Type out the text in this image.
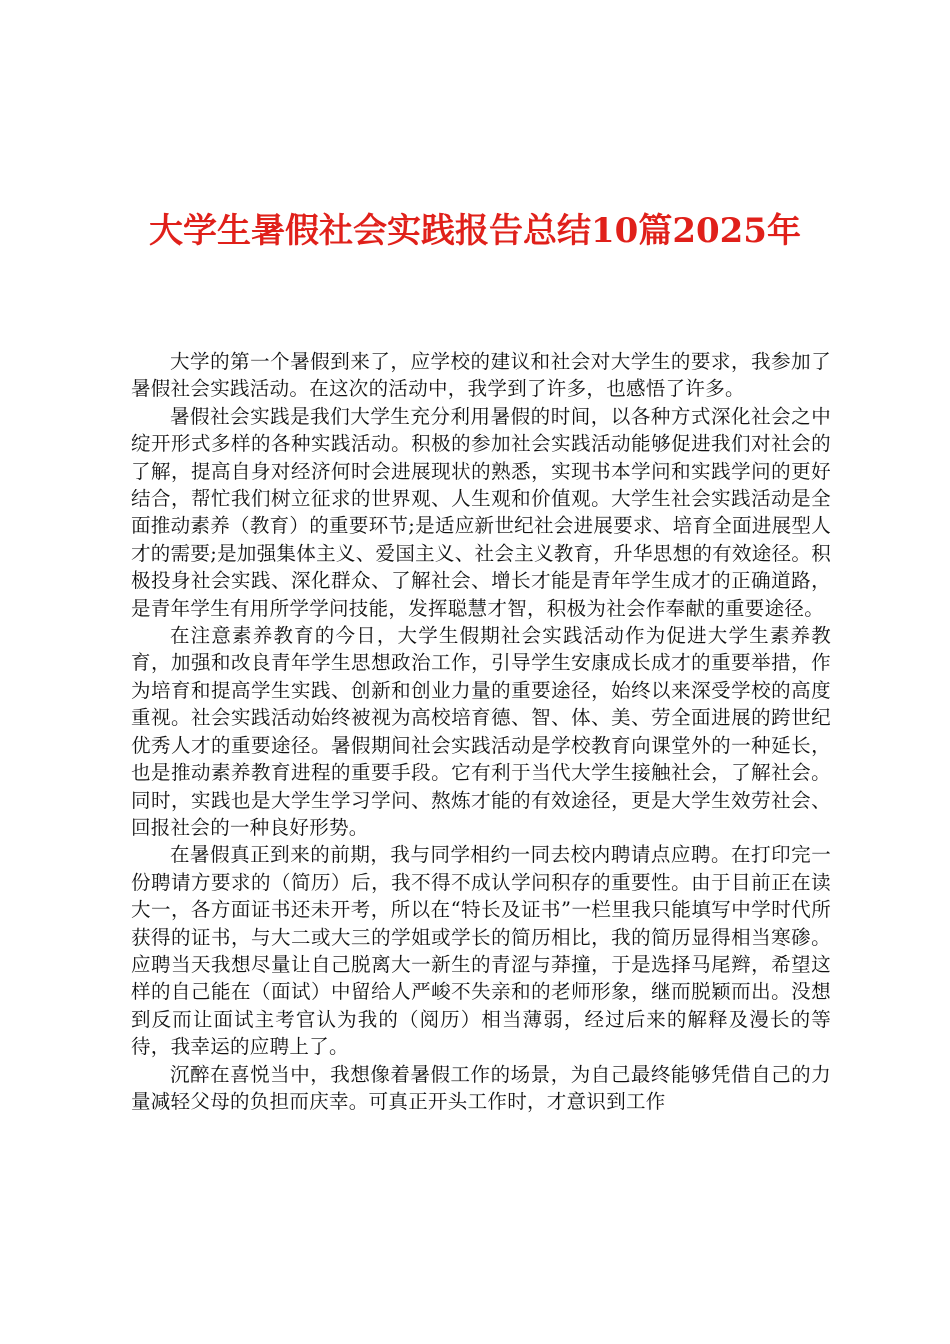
大学生暑假社会实践报告总结10篇2025年

大学的第一个暑假到来了，应学校的建议和社会对大学生的要求，我参加了暑假社会实践活动。在这次的活动中，我学到了许多，也感悟了许多。

暑假社会实践是我们大学生充分利用暑假的时间，以各种方式深化社会之中绽开形式多样的各种实践活动。积极的参加社会实践活动能够促进我们对社会的了解，提高自身对经济何时会进展现状的熟悉，实现书本学问和实践学问的更好结合，帮忙我们树立征求的世界观、人生观和价值观。大学生社会实践活动是全面推动素养（教育）的重要环节;是适应新世纪社会进展要求、培育全面进展型人才的需要;是加强集体主义、爱国主义、社会主义教育，升华思想的有效途径。积极投身社会实践、深化群众、了解社会、增长才能是青年学生成才的正确道路，是青年学生有用所学学问技能，发挥聪慧才智，积极为社会作奉献的重要途径。

在注意素养教育的今日，大学生假期社会实践活动作为促进大学生素养教育，加强和改良青年学生思想政治工作，引导学生安康成长成才的重要举措，作为培育和提高学生实践、创新和创业力量的重要途径，始终以来深受学校的高度重视。社会实践活动始终被视为高校培育德、智、体、美、劳全面进展的跨世纪优秀人才的重要途径。暑假期间社会实践活动是学校教育向课堂外的一种延长，也是推动素养教育进程的重要手段。它有利于当代大学生接触社会，了解社会。同时，实践也是大学生学习学问、熬炼才能的有效途径，更是大学生效劳社会、回报社会的一种良好形势。

在暑假真正到来的前期，我与同学相约一同去校内聘请点应聘。在打印完一份聘请方要求的（简历）后，我不得不成认学问积存的重要性。由于目前正在读大一，各方面证书还未开考，所以在“特长及证书”一栏里我只能填写中学时代所获得的证书，与大二或大三的学姐或学长的简历相比，我的简历显得相当寒碜。应聘当天我想尽量让自己脱离大一新生的青涩与莽撞，于是选择马尾辫，希望这样的自己能在（面试）中留给人严峻不失亲和的老师形象，继而脱颖而出。没想到反而让面试主考官认为我的（阅历）相当薄弱，经过后来的解释及漫长的等待，我幸运的应聘上了。

沉醉在喜悦当中，我想像着暑假工作的场景，为自己最终能够凭借自己的力量减轻父母的负担而庆幸。可真正开头工作时，才意识到工作
